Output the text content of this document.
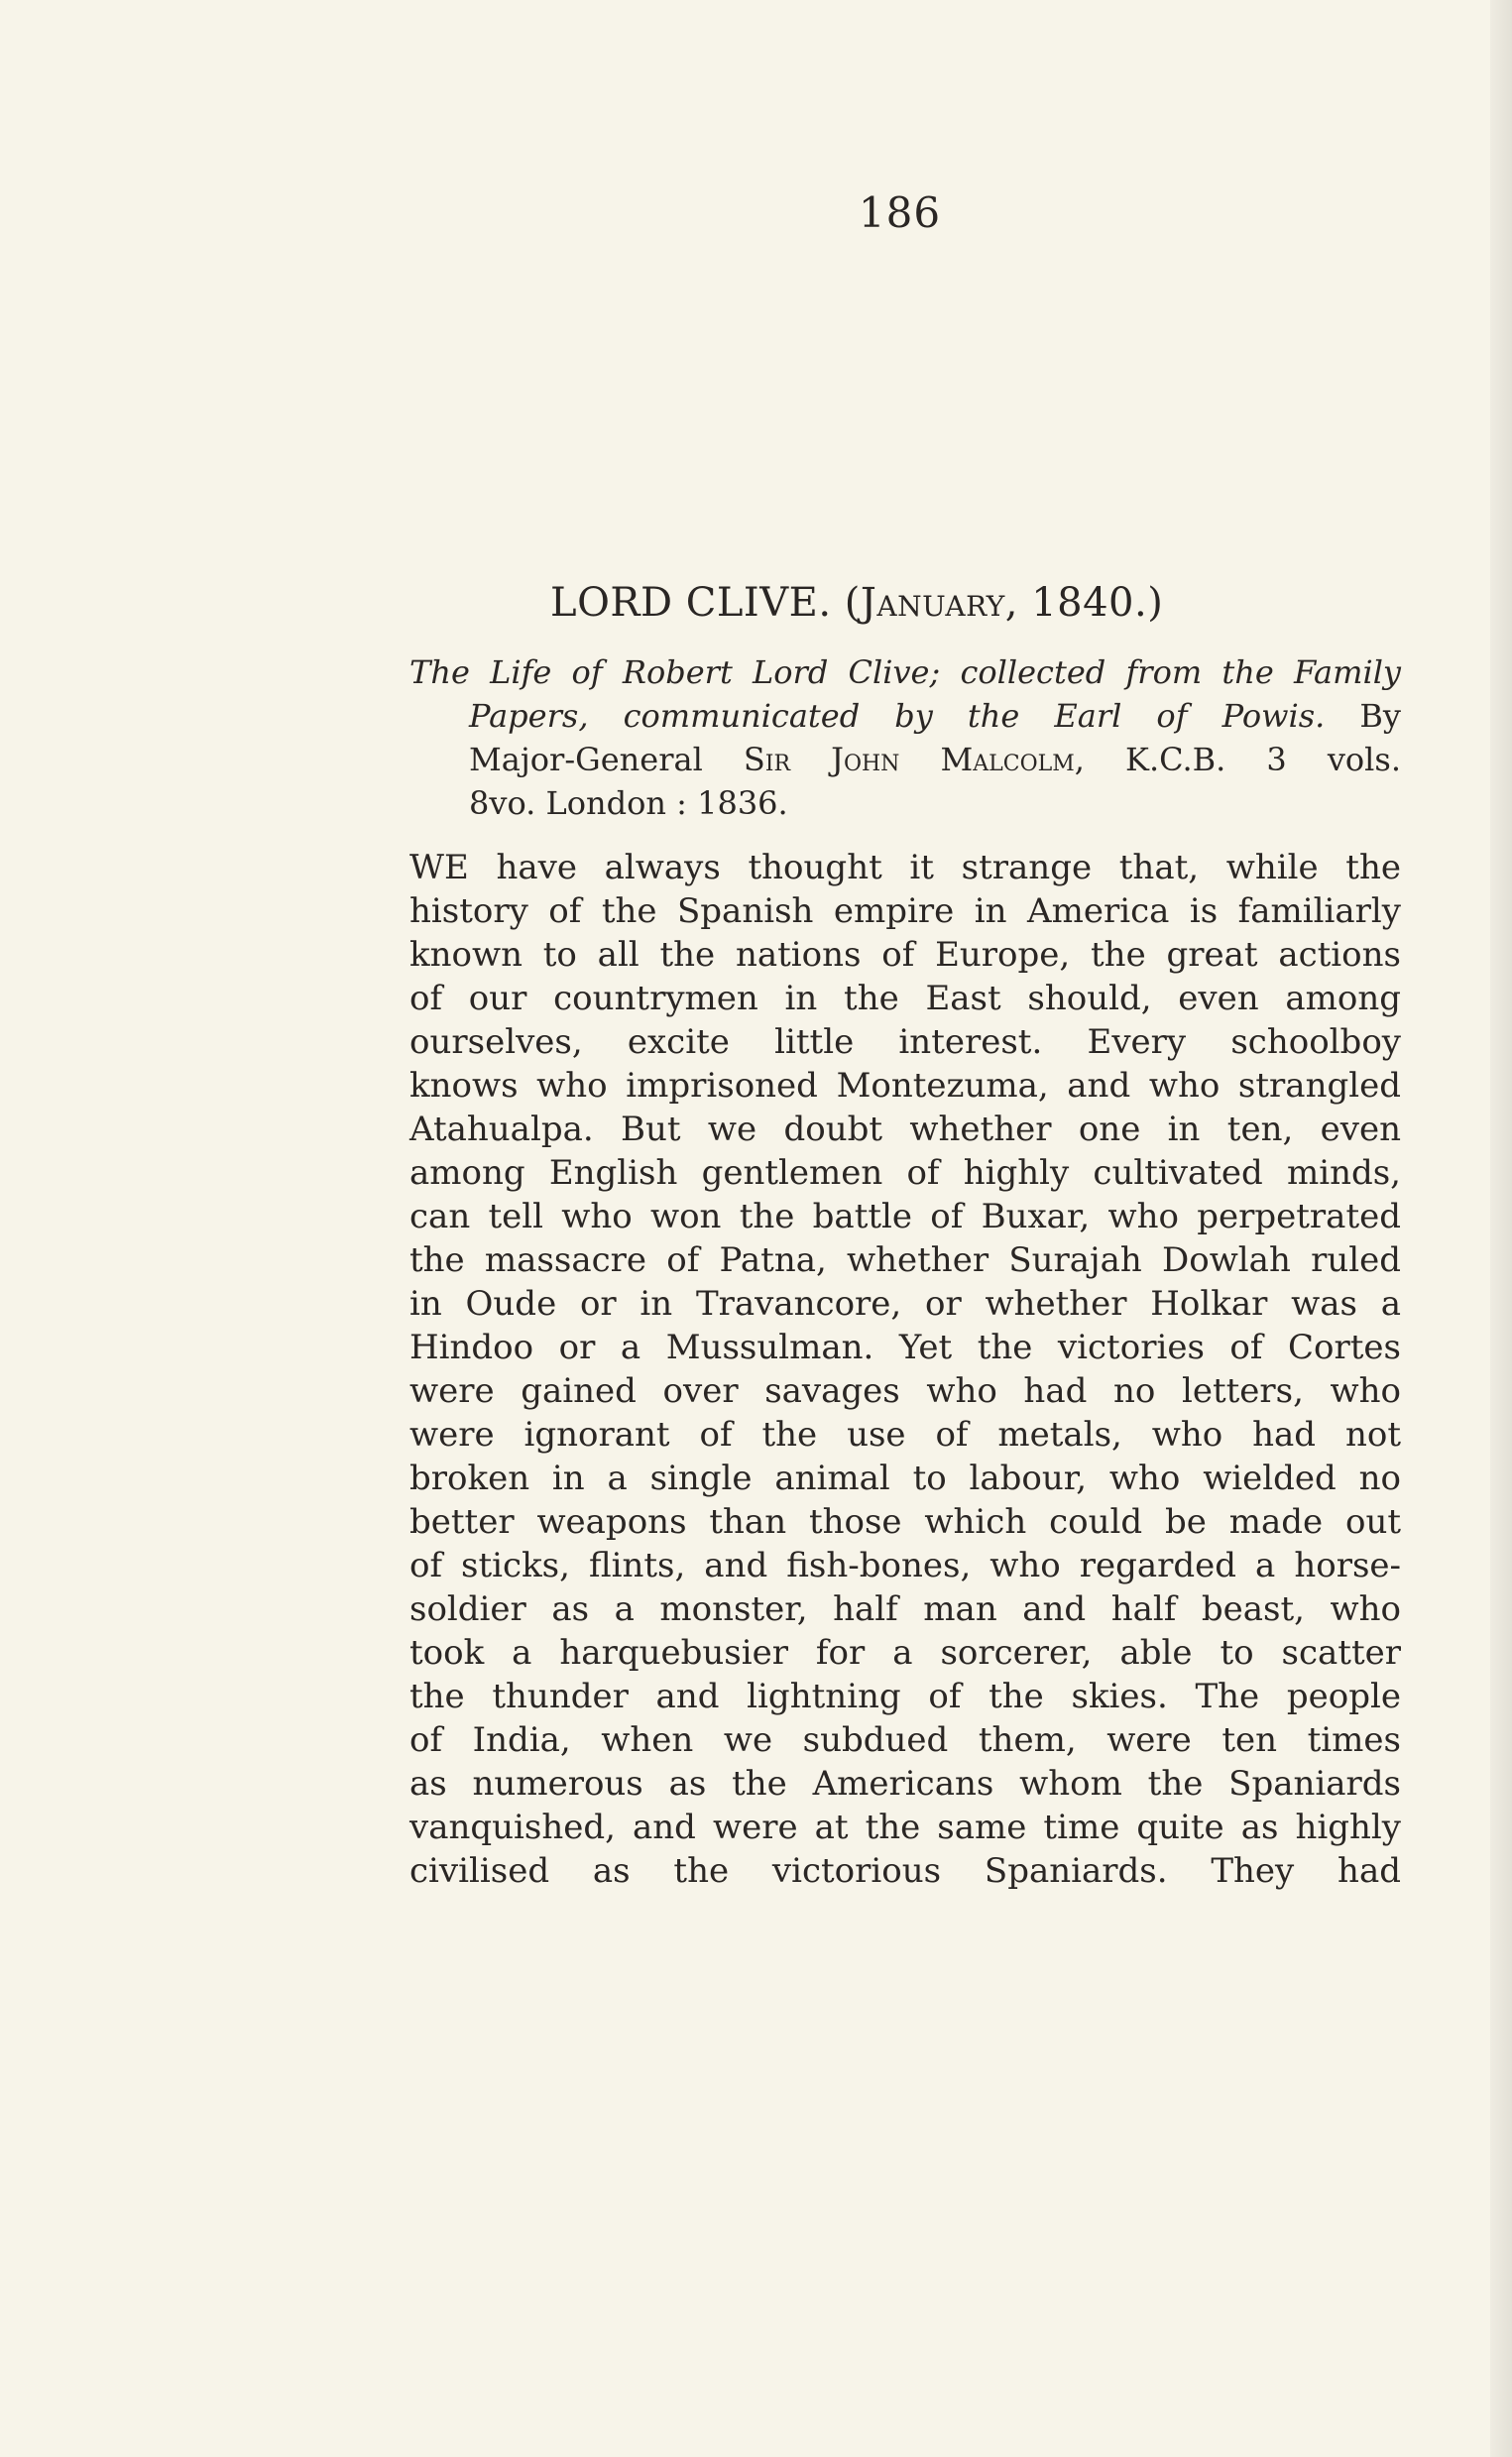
186
LORD CLIVE. (January, 1840.)
The Life of Robert Lord Clive; collected from the Family
Papers, communicated by the Earl of Powis. By
Major-General Sir John Malcolm, K.C.B. 3 vols.
8vo. London : 1836.
WE have always thought it strange that, while the
history of the Spanish empire in America is familiarly
known to all the nations of Europe, the great actions
of our countrymen in the East should, even among
ourselves, excite little interest. Every schoolboy
knows who imprisoned Montezuma, and who strangled
Atahualpa. But we doubt whether one in ten, even
among English gentlemen of highly cultivated minds,
can tell who won the battle of Buxar, who perpetrated
the massacre of Patna, whether Surajah Dowlah ruled
in Oude or in Travancore, or whether Holkar was a
Hindoo or a Mussulman. Yet the victories of Cortes
were gained over savages who had no letters, who
were ignorant of the use of metals, who had not
broken in a single animal to labour, who wielded no
better weapons than those which could be made out
of sticks, flints, and fish-bones, who regarded a horse-
soldier as a monster, half man and half beast, who
took a harquebusier for a sorcerer, able to scatter
the thunder and lightning of the skies. The people
of India, when we subdued them, were ten times
as numerous as the Americans whom the Spaniards
vanquished, and were at the same time quite as highly
civilised as the victorious Spaniards. They had
